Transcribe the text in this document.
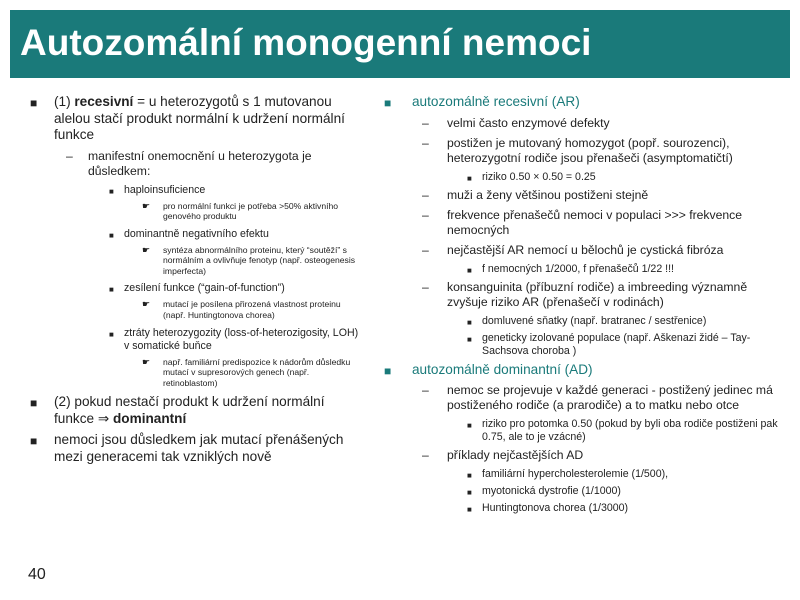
Autozomální monogenní nemoci
■ (1) recesivní = u heterozygotů s 1 mutovanou alelou stačí produkt normální k udržení normální funkce
– manifestní onemocnění u heterozygota je důsledkem:
■ haploinsuficience
☛ pro normální funkci je potřeba >50% aktivního genového produktu
■ dominantně negativního efektu
☛ syntéza abnormálního proteinu, který “soutěží” s normálním a ovlivňuje fenotyp (např. osteogenesis imperfecta)
■ zesílení funkce (“gain-of-function”)
☛ mutací je posílena přirozená vlastnost proteinu (např. Huntingtonova chorea)
■ ztráty heterozygozity (loss-of-heterozigosity, LOH) v somatické buňce
☛ např. familiární predispozice k nádorům důsledku mutací v supresorových genech (např. retinoblastom)
■ (2) pokud nestačí produkt k udržení normální funkce ⇒ dominantní
■ nemoci jsou důsledkem jak mutací přenášených mezi generacemi tak vzniklých nově
■ autozomálně recesivní (AR)
– velmi často enzymové defekty
– postižen je mutovaný homozygot (popř. sourozenci), heterozygotní rodiče jsou přenašeči (asymptomatičtí)
■ riziko 0.50 × 0.50 = 0.25
– muži a ženy většinou postiženi stejně
– frekvence přenašečů nemoci v populaci >>> frekvence nemocných
– nejčastější AR nemocí u bělochů je cystická fibróza
■ f nemocných 1/2000, f přenašečů 1/22 !!!
– konsanguinita (příbuzní rodiče) a imbreeding významně zvyšuje riziko AR (přenašečí v rodinách)
■ domluvené sňatky (např. bratranec / sestřenice)
■ geneticky izolované populace (např. Aškenazi židé – Tay-Sachsova choroba )
■ autozomálně dominantní (AD)
– nemoc se projevuje v každé generaci - postižený jedinec má postiženého rodiče (a prarodiče) a to matku nebo otce
■ riziko pro potomka 0.50 (pokud by byli oba rodiče postiženi pak 0.75, ale to je vzácné)
– příklady nejčastějších AD
■ familiární hypercholesterolemie (1/500),
■ myotonická dystrofie (1/1000)
■ Huntingtonova chorea (1/3000)
40
